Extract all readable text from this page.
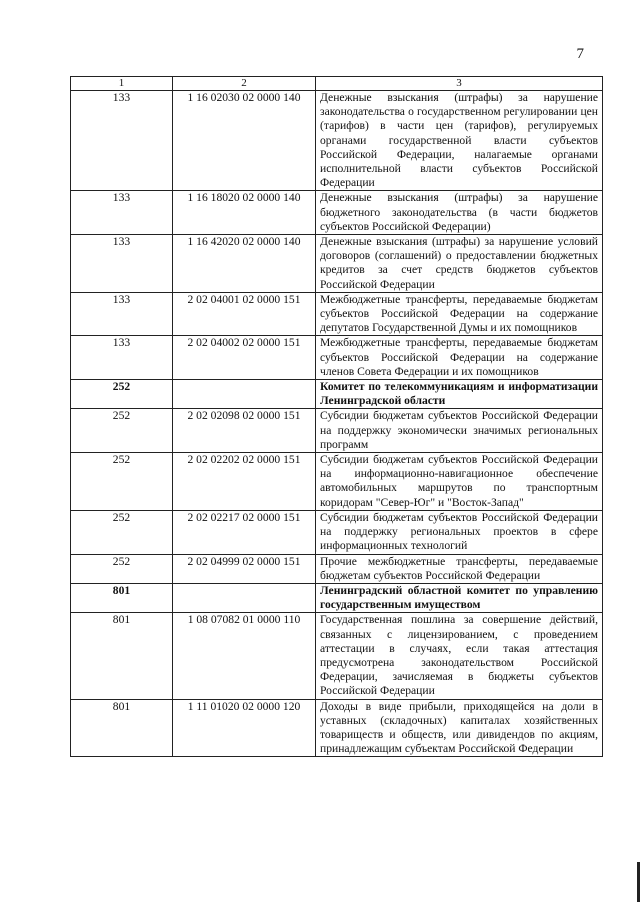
7
1	2	3
133	1 16 02030 02 0000 140	Денежные взыскания (штрафы) за нарушение законодательства о государственном регулировании цен (тарифов) в части цен (тарифов), регулируемых органами государственной власти субъектов Российской Федерации, налагаемые органами исполнительной власти субъектов Российской Федерации
133	1 16 18020 02 0000 140	Денежные взыскания (штрафы) за нарушение бюджетного законодательства (в части бюджетов субъектов Российской Федерации)
133	1 16 42020 02 0000 140	Денежные взыскания (штрафы) за нарушение условий договоров (соглашений) о предоставлении бюджетных кредитов за счет средств бюджетов субъектов Российской Федерации
133	2 02 04001 02 0000 151	Межбюджетные трансферты, передаваемые бюджетам субъектов Российской Федерации на содержание депутатов Государственной Думы и их помощников
133	2 02 04002 02 0000 151	Межбюджетные трансферты, передаваемые бюджетам субъектов Российской Федерации на содержание членов Совета Федерации и их помощников
252		Комитет по телекоммуникациям и информатизации Ленинградской области
252	2 02 02098 02 0000 151	Субсидии бюджетам субъектов Российской Федерации на поддержку экономически значимых региональных программ
252	2 02 02202 02 0000 151	Субсидии бюджетам субъектов Российской Федерации на информационно-навигационное обеспечение автомобильных маршрутов по транспортным коридорам "Север-Юг" и "Восток-Запад"
252	2 02 02217 02 0000 151	Субсидии бюджетам субъектов Российской Федерации на поддержку региональных проектов в сфере информационных технологий
252	2 02 04999 02 0000 151	Прочие межбюджетные трансферты, передаваемые бюджетам субъектов Российской Федерации
801		Ленинградский областной комитет по управлению государственным имуществом
801	1 08 07082 01 0000 110	Государственная пошлина за совершение действий, связанных с лицензированием, с проведением аттестации в случаях, если такая аттестация предусмотрена законодательством Российской Федерации, зачисляемая в бюджеты субъектов Российской Федерации
801	1 11 01020 02 0000 120	Доходы в виде прибыли, приходящейся на доли в уставных (складочных) капиталах хозяйственных товариществ и обществ, или дивидендов по акциям, принадлежащим субъектам Российской Федерации
